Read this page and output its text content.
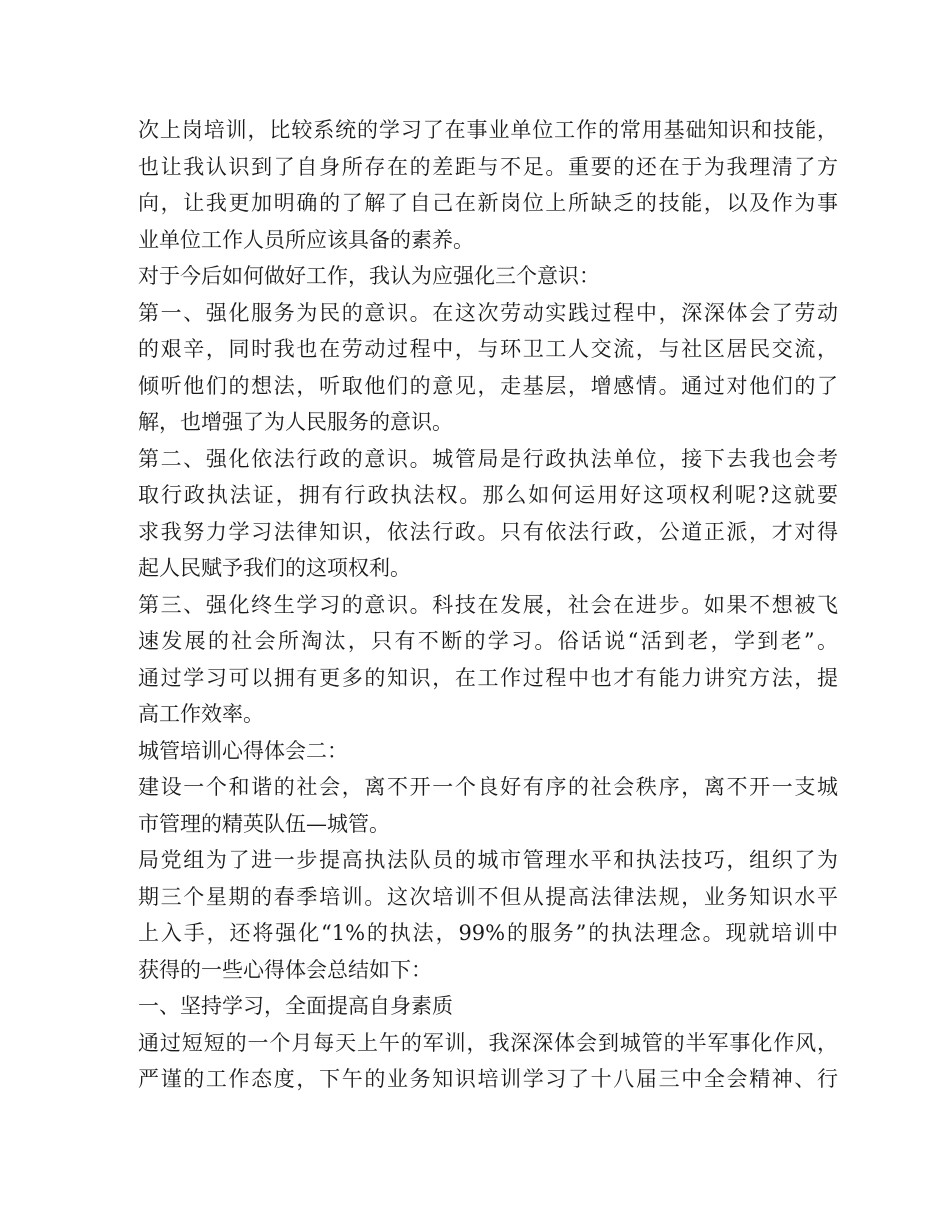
次上岗培训，比较系统的学习了在事业单位工作的常用基础知识和技能，
也让我认识到了自身所存在的差距与不足。重要的还在于为我理清了方
向，让我更加明确的了解了自己在新岗位上所缺乏的技能，以及作为事
业单位工作人员所应该具备的素养。
对于今后如何做好工作，我认为应强化三个意识：
第一、强化服务为民的意识。在这次劳动实践过程中，深深体会了劳动
的艰辛，同时我也在劳动过程中，与环卫工人交流，与社区居民交流，
倾听他们的想法，听取他们的意见，走基层，增感情。通过对他们的了
解，也增强了为人民服务的意识。
第二、强化依法行政的意识。城管局是行政执法单位，接下去我也会考
取行政执法证，拥有行政执法权。那么如何运用好这项权利呢?这就要
求我努力学习法律知识，依法行政。只有依法行政，公道正派，才对得
起人民赋予我们的这项权利。
第三、强化终生学习的意识。科技在发展，社会在进步。如果不想被飞
速发展的社会所淘汰，只有不断的学习。俗话说“活到老，学到老”。
通过学习可以拥有更多的知识，在工作过程中也才有能力讲究方法，提
高工作效率。
城管培训心得体会二：
建设一个和谐的社会，离不开一个良好有序的社会秩序，离不开一支城
市管理的精英队伍—城管。
局党组为了进一步提高执法队员的城市管理水平和执法技巧，组织了为
期三个星期的春季培训。这次培训不但从提高法律法规，业务知识水平
上入手，还将强化“1%的执法，99%的服务”的执法理念。现就培训中
获得的一些心得体会总结如下：
一、坚持学习，全面提高自身素质
通过短短的一个月每天上午的军训，我深深体会到城管的半军事化作风，
严谨的工作态度，下午的业务知识培训学习了十八届三中全会精神、行
